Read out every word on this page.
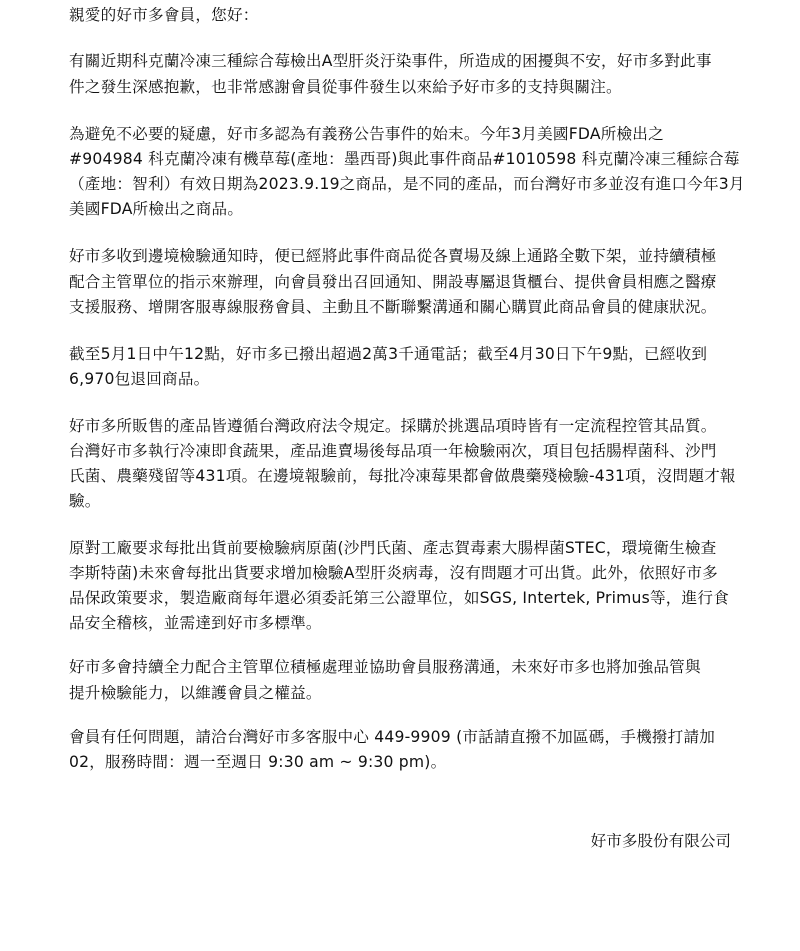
親愛的好市多會員，您好：
有關近期科克蘭冷凍三種綜合莓檢出A型肝炎汙染事件，所造成的困擾與不安，好市多對此事
件之發生深感抱歉，也非常感謝會員從事件發生以來給予好市多的支持與關注。
為避免不必要的疑慮，好市多認為有義務公告事件的始末。今年3月美國FDA所檢出之
#904984 科克蘭冷凍有機草莓(產地：墨西哥)與此事件商品#1010598 科克蘭冷凍三種綜合莓
（產地：智利）有效日期為2023.9.19之商品，是不同的產品，而台灣好市多並沒有進口今年3月
美國FDA所檢出之商品。
好市多收到邊境檢驗通知時，便已經將此事件商品從各賣場及線上通路全數下架，並持續積極
配合主管單位的指示來辦理，向會員發出召回通知、開設專屬退貨櫃台、提供會員相應之醫療
支援服務、增開客服專線服務會員、主動且不斷聯繫溝通和關心購買此商品會員的健康狀況。
截至5月1日中午12點，好市多已撥出超過2萬3千通電話；截至4月30日下午9點，已經收到
6,970包退回商品。
好市多所販售的產品皆遵循台灣政府法令規定。採購於挑選品項時皆有一定流程控管其品質。
台灣好市多執行冷凍即食蔬果，產品進賣場後每品項一年檢驗兩次，項目包括腸桿菌科、沙門
氏菌、農藥殘留等431項。在邊境報驗前，每批冷凍莓果都會做農藥殘檢驗-431項，沒問題才報
驗。
原對工廠要求每批出貨前要檢驗病原菌(沙門氏菌、產志賀毒素大腸桿菌STEC，環境衛生檢查
李斯特菌)未來會每批出貨要求增加檢驗A型肝炎病毒，沒有問題才可出貨。此外，依照好市多
品保政策要求，製造廠商每年還必須委託第三公證單位，如SGS, Intertek, Primus等，進行食
品安全稽核，並需達到好市多標準。
好市多會持續全力配合主管單位積極處理並協助會員服務溝通，未來好市多也將加強品管與
提升檢驗能力，以維護會員之權益。
會員有任何問題，請洽台灣好市多客服中心 449-9909 (市話請直撥不加區碼，手機撥打請加
02，服務時間：週一至週日 9:30 am ~ 9:30 pm)。
好市多股份有限公司
